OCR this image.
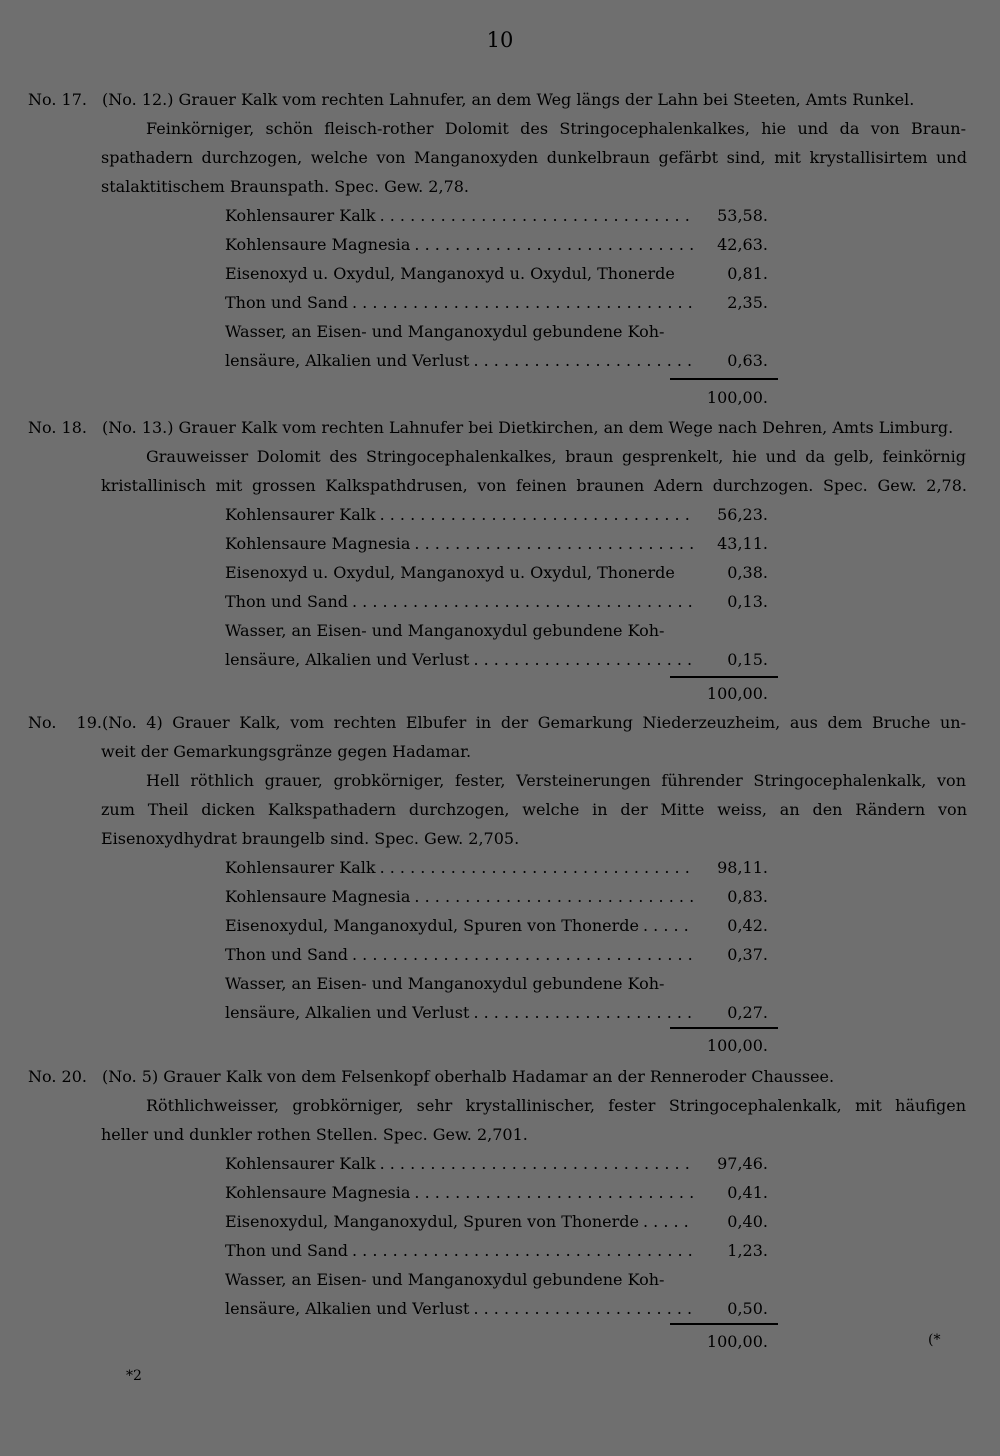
10
No. 17. (No. 12.) Grauer Kalk vom rechten Lahnufer, an dem Weg längs der Lahn bei Steeten, Amts Runkel.
Feinkörniger, schön fleisch-rother Dolomit des Stringocephalenkalkes, hie und da von Braun-
spathadern durchzogen, welche von Manganoxyden dunkelbraun gefärbt sind, mit krystallisirtem und
stalaktitischem Braunspath. Spec. Gew. 2,78.
Kohlensaurer Kalk . . .	53,58.
Kohlensaure Magnesia . . .	42,63.
Eisenoxyd u. Oxydul, Manganoxyd u. Oxydul, Thonerde	0,81.
Thon und Sand . . .	2,35.
Wasser, an Eisen- und Manganoxydul gebundene Koh-
lensäure, Alkalien und Verlust . . .	0,63.
100,00.
No. 18. (No. 13.) Grauer Kalk vom rechten Lahnufer bei Dietkirchen, an dem Wege nach Dehren, Amts Limburg.
Grauweisser Dolomit des Stringocephalenkalkes, braun gesprenkelt, hie und da gelb, feinkörnig
kristallinisch mit grossen Kalkspathdrusen, von feinen braunen Adern durchzogen. Spec. Gew. 2,78.
Kohlensaurer Kalk . . .	56,23.
Kohlensaure Magnesia . . .	43,11.
Eisenoxyd u. Oxydul, Manganoxyd u. Oxydul, Thonerde	0,38.
Thon und Sand . . .	0,13.
Wasser, an Eisen- und Manganoxydul gebundene Koh-
lensäure, Alkalien und Verlust . . .	0,15.
100,00.
No. 19.(No. 4) Grauer Kalk, vom rechten Elbufer in der Gemarkung Niederzeuzheim, aus dem Bruche un-
weit der Gemarkungsgränze gegen Hadamar.
Hell röthlich grauer, grobkörniger, fester, Versteinerungen führender Stringocephalenkalk, von
zum Theil dicken Kalkspathadern durchzogen, welche in der Mitte weiss, an den Rändern von
Eisenoxydhydrat braungelb sind. Spec. Gew. 2,705.
Kohlensaurer Kalk . . .	98,11.
Kohlensaure Magnesia . . .	0,83.
Eisenoxydul, Manganoxydul, Spuren von Thonerde . . .	0,42.
Thon und Sand . . .	0,37.
Wasser, an Eisen- und Manganoxydul gebundene Koh-
lensäure, Alkalien und Verlust . . .	0,27.
100,00.
No. 20. (No. 5) Grauer Kalk von dem Felsenkopf oberhalb Hadamar an der Renneroder Chaussee.
Röthlichweisser, grobkörniger, sehr krystallinischer, fester Stringocephalenkalk, mit häufigen
heller und dunkler rothen Stellen. Spec. Gew. 2,701.
Kohlensaurer Kalk . . .	97,46.
Kohlensaure Magnesia . . .	0,41.
Eisenoxydul, Manganoxydul, Spuren von Thonerde . . .	0,40.
Thon und Sand . . .	1,23.
Wasser, an Eisen- und Manganoxydul gebundene Koh-
lensäure, Alkalien und Verlust . . .	0,50.
100,00.	(*
*2
